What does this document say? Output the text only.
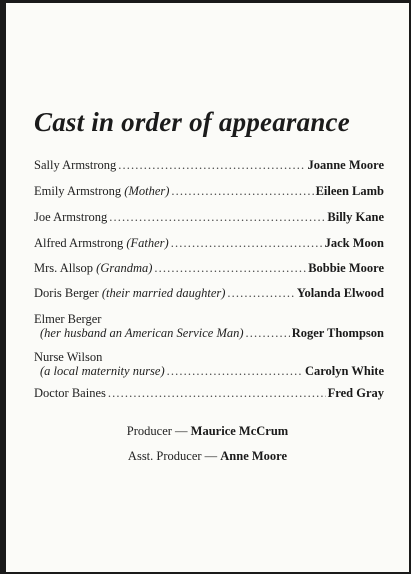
Cast in order of appearance
Sally Armstrong . . .	Joanne Moore
Emily Armstrong
(Mother) . . .	Eileen Lamb
Joe Armstrong . . .	Billy Kane
Alfred Armstrong
(Father) . . .	Jack Moon
Mrs. Allsop
(Grandma) . . .	Bobbie Moore
Doris Berger
(their married daughter) . . .	Yolanda Elwood
Elmer Berger
(her husband an American Service Man) . . .	Roger Thompson
Nurse Wilson
(a local maternity nurse) . . .	Carolyn White
Doctor Baines . . .	Fred Gray
Producer — Maurice McCrum
Asst. Producer — Anne Moore
